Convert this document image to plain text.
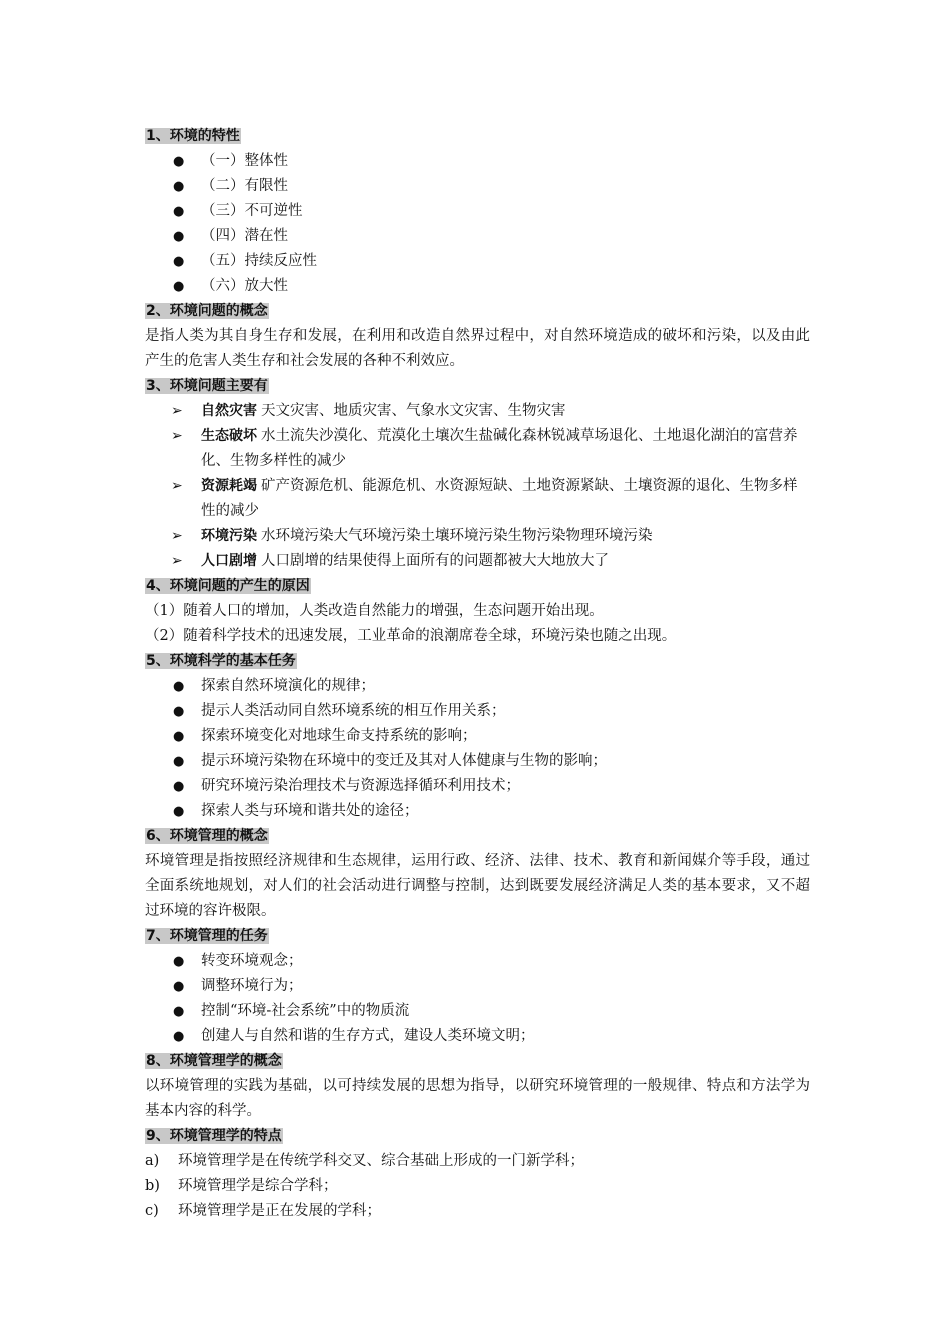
1、环境的特性
● （一）整体性
● （二）有限性
● （三）不可逆性
● （四）潜在性
● （五）持续反应性
● （六）放大性
2、环境问题的概念
是指人类为其自身生存和发展，在利用和改造自然界过程中，对自然环境造成的破坏和污染，以及由此产生的危害人类生存和社会发展的各种不利效应。
3、环境问题主要有
➢ 自然灾害 天文灾害、地质灾害、气象水文灾害、生物灾害
➢ 生态破坏 水土流失沙漠化、荒漠化土壤次生盐碱化森林锐减草场退化、土地退化湖泊的富营养化、生物多样性的减少
➢ 资源耗竭 矿产资源危机、能源危机、水资源短缺、土地资源紧缺、土壤资源的退化、生物多样性的减少
➢ 环境污染 水环境污染大气环境污染土壤环境污染生物污染物理环境污染
➢ 人口剧增 人口剧增的结果使得上面所有的问题都被大大地放大了
4、环境问题的产生的原因
（1）随着人口的增加，人类改造自然能力的增强，生态问题开始出现。
（2）随着科学技术的迅速发展，工业革命的浪潮席卷全球，环境污染也随之出现。
5、环境科学的基本任务
● 探索自然环境演化的规律；
● 提示人类活动同自然环境系统的相互作用关系；
● 探索环境变化对地球生命支持系统的影响；
● 提示环境污染物在环境中的变迁及其对人体健康与生物的影响；
● 研究环境污染治理技术与资源选择循环利用技术；
● 探索人类与环境和谐共处的途径；
6、环境管理的概念
环境管理是指按照经济规律和生态规律，运用行政、经济、法律、技术、教育和新闻媒介等手段，通过全面系统地规划，对人们的社会活动进行调整与控制，达到既要发展经济满足人类的基本要求，又不超过环境的容许极限。
7、环境管理的任务
● 转变环境观念；
● 调整环境行为；
● 控制“环境-社会系统”中的物质流
● 创建人与自然和谐的生存方式，建设人类环境文明；
8、环境管理学的概念
以环境管理的实践为基础，以可持续发展的思想为指导，以研究环境管理的一般规律、特点和方法学为基本内容的科学。
9、环境管理学的特点
a) 环境管理学是在传统学科交叉、综合基础上形成的一门新学科；
b) 环境管理学是综合学科；
c) 环境管理学是正在发展的学科；
